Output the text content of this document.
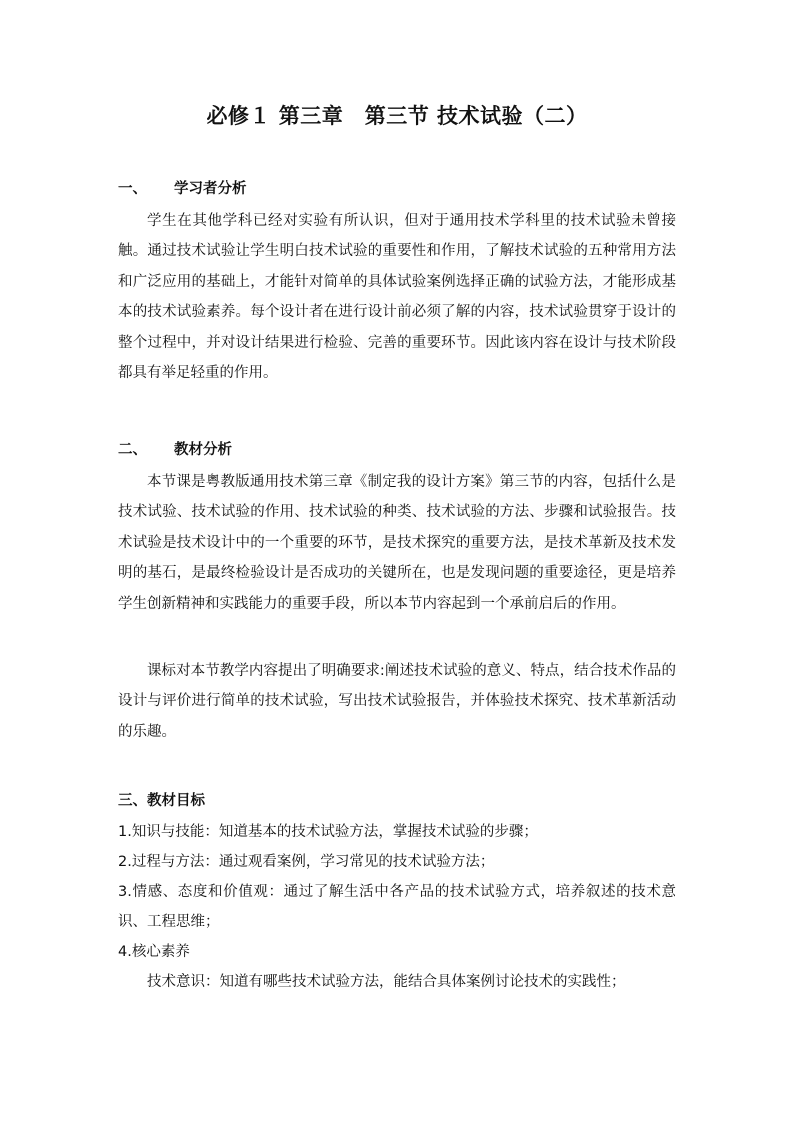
必修１ 第三章　第三节 技术试验（二）
一、 学习者分析

学生在其他学科已经对实验有所认识，但对于通用技术学科里的技术试验未曾接触。通过技术试验让学生明白技术试验的重要性和作用，了解技术试验的五种常用方法和广泛应用的基础上，才能针对简单的具体试验案例选择正确的试验方法，才能形成基本的技术试验素养。每个设计者在进行设计前必须了解的内容，技术试验贯穿于设计的整个过程中，并对设计结果进行检验、完善的重要环节。因此该内容在设计与技术阶段都具有举足轻重的作用。

二、 教材分析

本节课是粤教版通用技术第三章《制定我的设计方案》第三节的内容，包括什么是技术试验、技术试验的作用、技术试验的种类、技术试验的方法、步骤和试验报告。技术试验是技术设计中的一个重要的环节，是技术探究的重要方法，是技术革新及技术发明的基石，是最终检验设计是否成功的关键所在，也是发现问题的重要途径，更是培养学生创新精神和实践能力的重要手段，所以本节内容起到一个承前启后的作用。

课标对本节教学内容提出了明确要求:阐述技术试验的意义、特点，结合技术作品的设计与评价进行简单的技术试验，写出技术试验报告，并体验技术探究、技术革新活动的乐趣。

三、教材目标

1.知识与技能：知道基本的技术试验方法，掌握技术试验的步骤；

2.过程与方法：通过观看案例，学习常见的技术试验方法；

3.情感、态度和价值观：通过了解生活中各产品的技术试验方式，培养叙述的技术意识、工程思维；

4.核心素养

技术意识：知道有哪些技术试验方法，能结合具体案例讨论技术的实践性；
